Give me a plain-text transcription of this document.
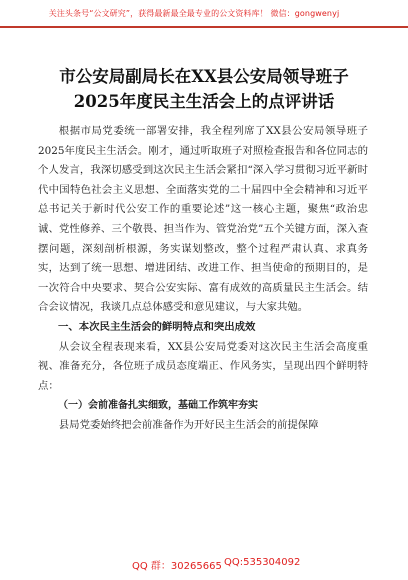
关注头条号“公文研究”，获得最新最全最专业的公文资料库！ 微信：gongwenyj
市公安局副局长在XX县公安局领导班子
2025年度民主生活会上的点评讲话

根据市局党委统一部署安排，我全程列席了XX县公安局领导班子2025年度民主生活会。刚才，通过听取班子对照检查报告和各位同志的个人发言，我深切感受到这次民主生活会紧扣“深入学习贯彻习近平新时代中国特色社会主义思想、全面落实党的二十届四中全会精神和习近平总书记关于新时代公安工作的重要论述”这一核心主题，聚焦“政治忠诚、党性修养、三个敬畏、担当作为、管党治党”五个关键方面，深入查摆问题，深刻剖析根源，务实谋划整改，整个过程严肃认真、求真务实，达到了统一思想、增进团结、改进工作、担当使命的预期目的，是一次符合中央要求、契合公安实际、富有成效的高质量民主生活会。结合会议情况，我谈几点总体感受和意见建议，与大家共勉。

一、本次民主生活会的鲜明特点和突出成效

从会议全程表现来看，XX县公安局党委对这次民主生活会高度重视、准备充分，各位班子成员态度端正、作风务实，呈现出四个鲜明特点：

（一）会前准备扎实细致，基础工作筑牢夯实

县局党委始终把会前准备作为开好民主生活会的前提保障

QQ 群：30265665 QQ:535304092
